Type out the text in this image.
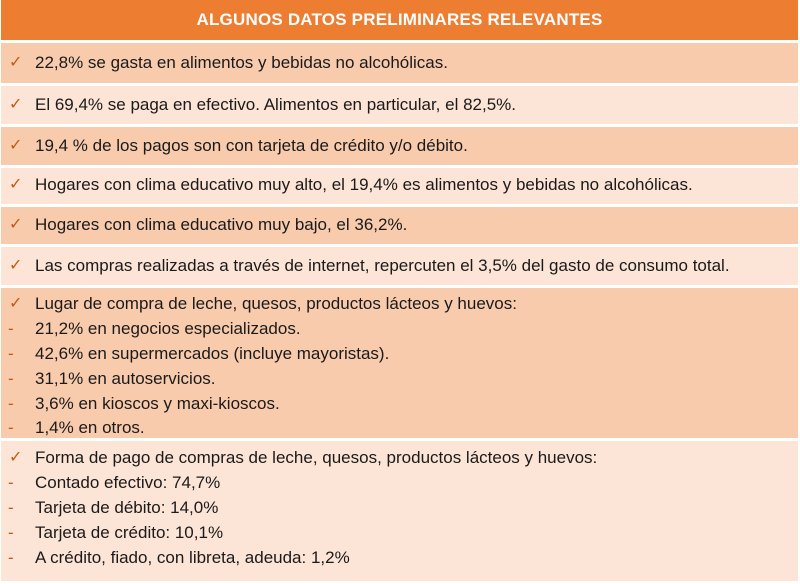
ALGUNOS DATOS PRELIMINARES RELEVANTES
✓ 22,8% se gasta en alimentos y bebidas no alcohólicas.
✓ El 69,4% se paga en efectivo. Alimentos en particular, el 82,5%.
✓ 19,4 % de los pagos son con tarjeta de crédito y/o débito.
✓ Hogares con clima educativo muy alto, el 19,4% es alimentos y bebidas no alcohólicas.
✓ Hogares con clima educativo muy bajo, el 36,2%.
✓ Las compras realizadas a través de internet, repercuten el 3,5% del gasto de consumo total.
✓ Lugar de compra de leche, quesos, productos lácteos y huevos:
-	21,2% en negocios especializados.
-	42,6% en supermercados (incluye mayoristas).
-	31,1% en autoservicios.
-	3,6% en kioscos y maxi-kioscos.
-	1,4% en otros.
✓ Forma de pago de compras de leche, quesos, productos lácteos y huevos:
-	Contado efectivo: 74,7%
-	Tarjeta de débito: 14,0%
-	Tarjeta de crédito: 10,1%
-	A crédito, fiado, con libreta, adeuda: 1,2%
